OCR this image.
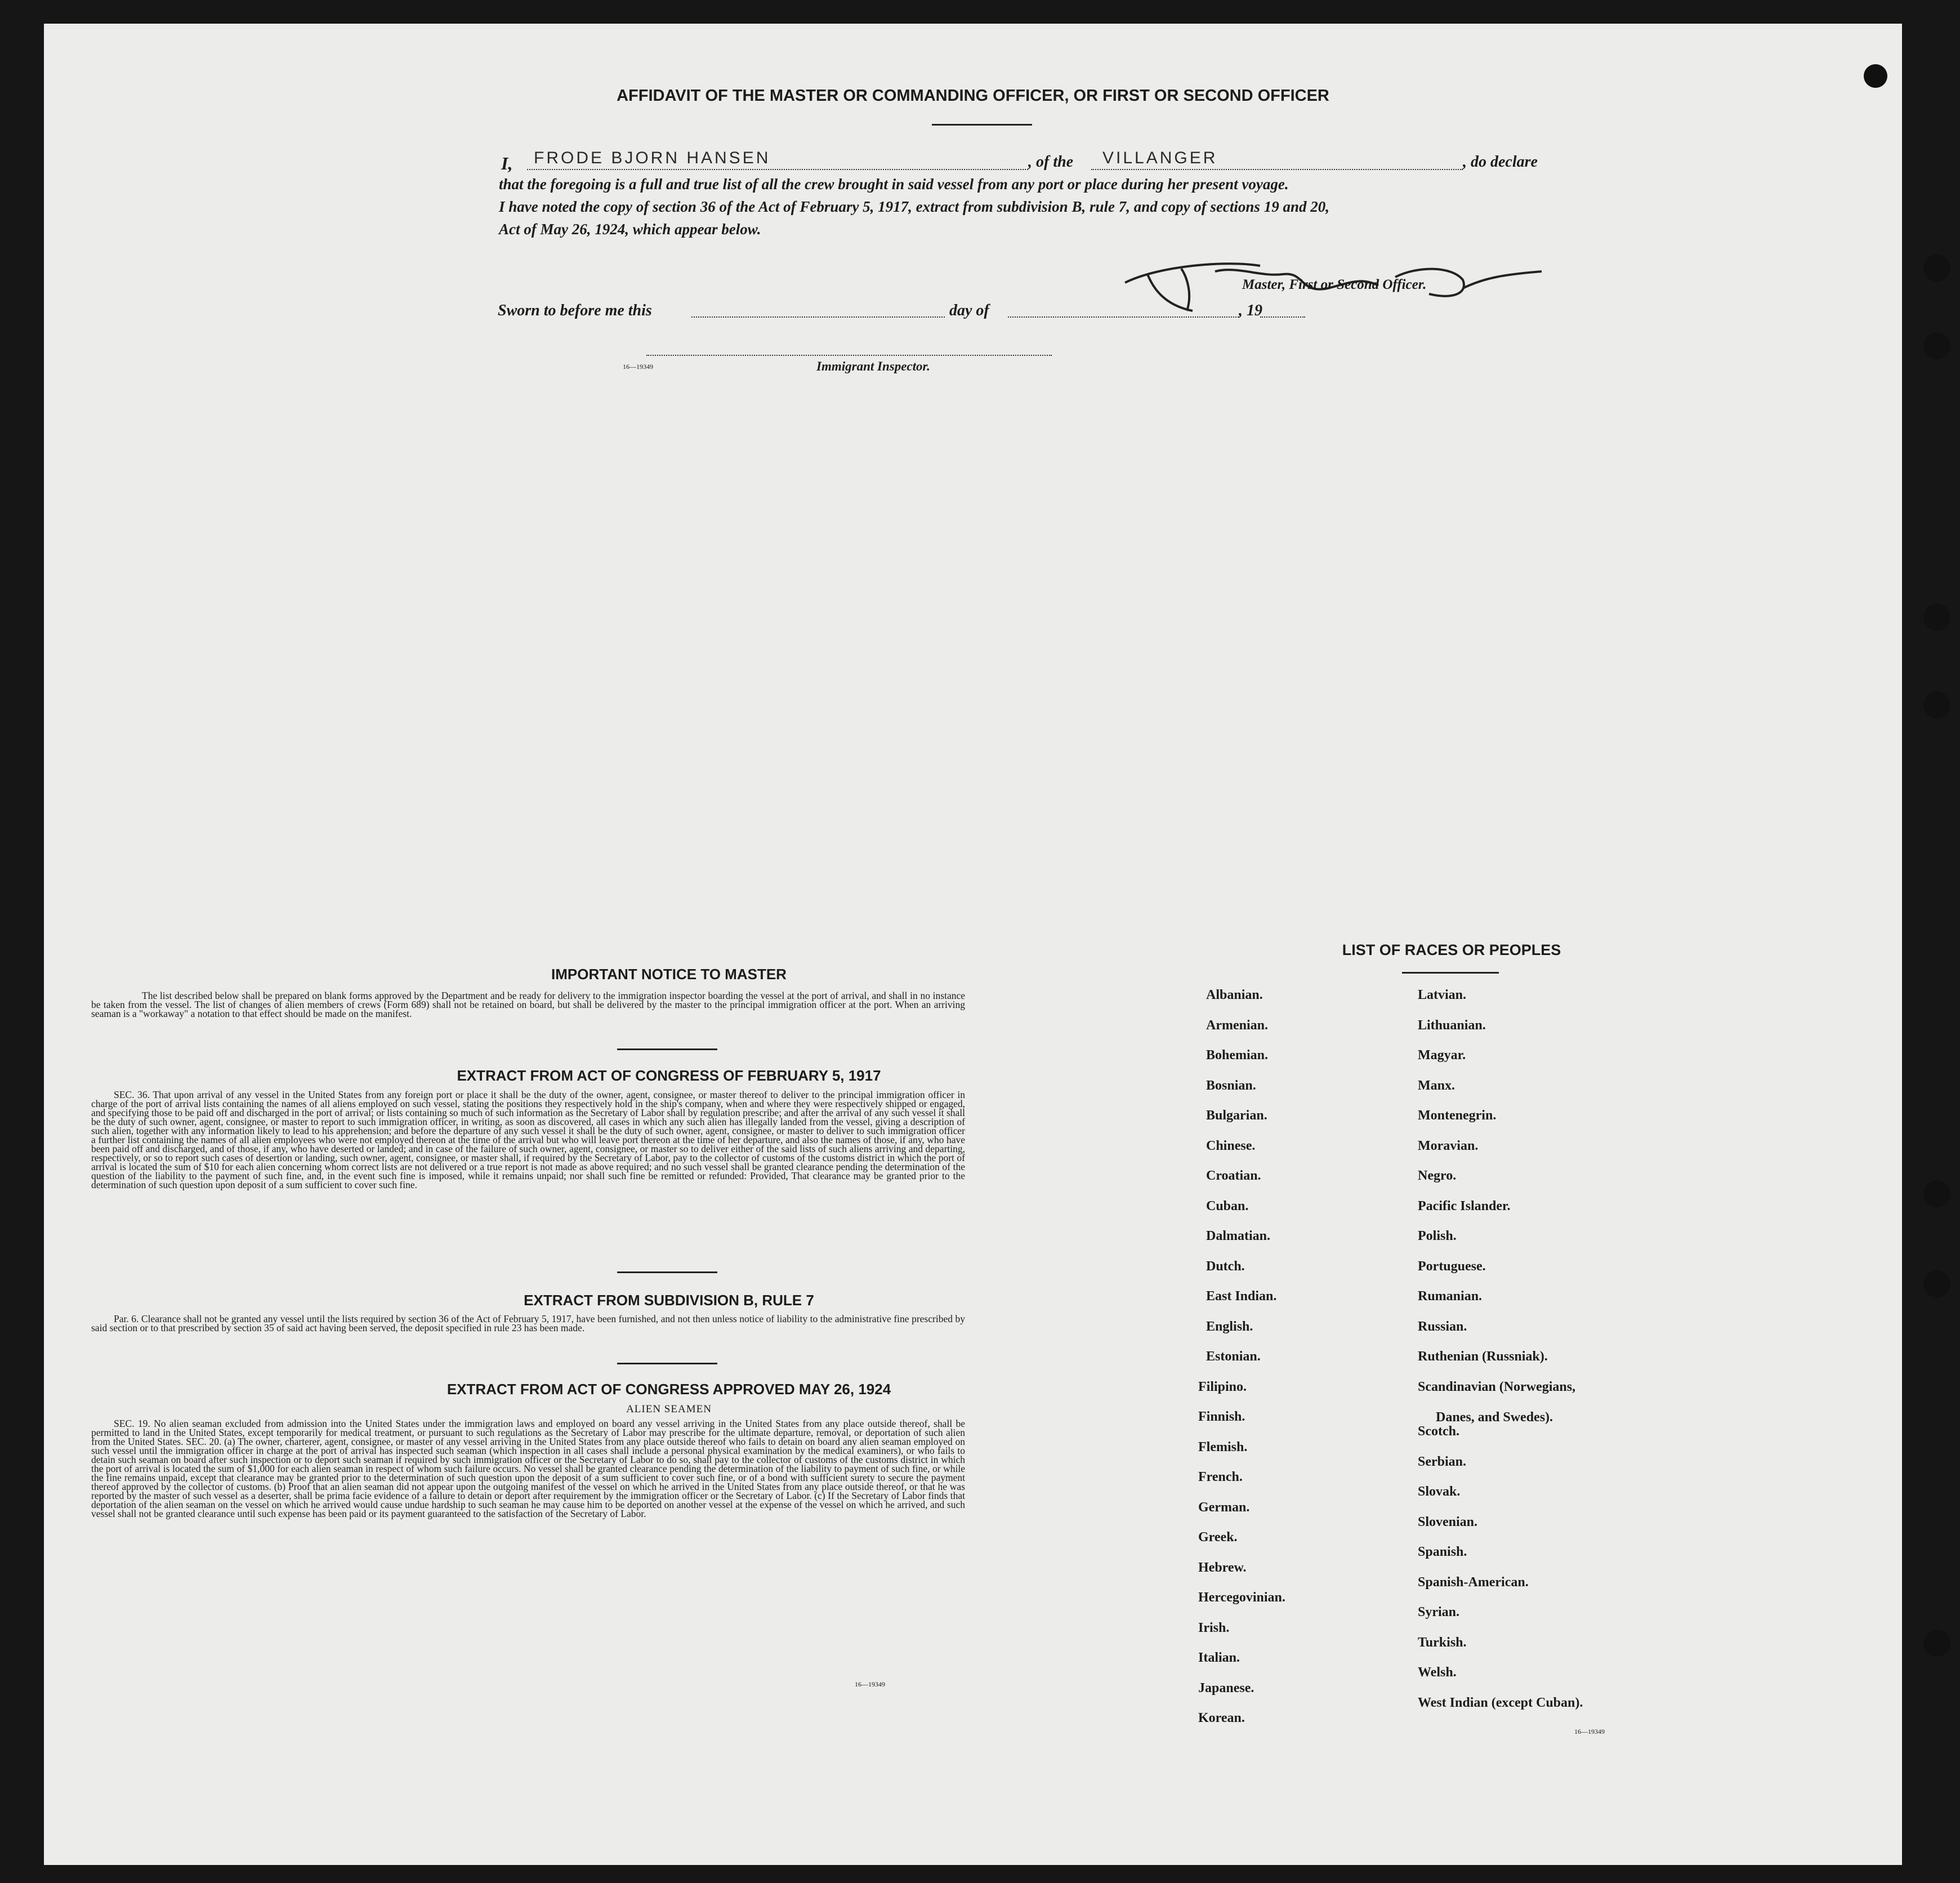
AFFIDAVIT OF THE MASTER OR COMMANDING OFFICER, OR FIRST OR SECOND OFFICER
I, FRODE BJORN HANSEN	, of the VILLANGER	, do declare
that the foregoing is a full and true list of all the crew brought in said vessel from any port or place during her present voyage.
I have noted the copy of section 36 of the Act of February 5, 1917, extract from subdivision B, rule 7, and copy of sections 19 and 20,
Act of May 26, 1924, which appear below.
Master, First or Second Officer.
Sworn to before me this	day of	, 19
16—19349	Immigrant Inspector.
IMPORTANT NOTICE TO MASTER
The list described below shall be prepared on blank forms approved by the Department and be ready for delivery to the immigration inspector boarding the vessel at the port of arrival, and shall in no instance be taken from the vessel. The list of changes of alien members of crews (Form 689) shall not be retained on board, but shall be delivered by the master to the principal immigration officer at the port. When an arriving seaman is a "workaway" a notation to that effect should be made on the manifest.
EXTRACT FROM ACT OF CONGRESS OF FEBRUARY 5, 1917
SEC. 36. That upon arrival of any vessel in the United States from any foreign port or place it shall be the duty of the owner, agent, consignee, or master thereof to deliver to the principal immigration officer in charge of the port of arrival lists containing the names of all aliens employed on such vessel, stating the positions they respectively hold in the ship's company, when and where they were respectively shipped or engaged, and specifying those to be paid off and discharged in the port of arrival; or lists containing so much of such information as the Secretary of Labor shall by regulation prescribe; and after the arrival of any such vessel it shall be the duty of such owner, agent, consignee, or master to report to such immigration officer, in writing, as soon as discovered, all cases in which any such alien has illegally landed from the vessel, giving a description of such alien, together with any information likely to lead to his apprehension; and before the departure of any such vessel it shall be the duty of such owner, agent, consignee, or master to deliver to such immigration officer a further list containing the names of all alien employees who were not employed thereon at the time of the arrival but who will leave port thereon at the time of her departure, and also the names of those, if any, who have been paid off and discharged, and of those, if any, who have deserted or landed; and in case of the failure of such owner, agent, consignee, or master so to deliver either of the said lists of such aliens arriving and departing, respectively, or so to report such cases of desertion or landing, such owner, agent, consignee, or master shall, if required by the Secretary of Labor, pay to the collector of customs of the customs district in which the port of arrival is located the sum of $10 for each alien concerning whom correct lists are not delivered or a true report is not made as above required; and no such vessel shall be granted clearance pending the determination of the question of the liability to the payment of such fine, and, in the event such fine is imposed, while it remains unpaid; nor shall such fine be remitted or refunded: Provided, That clearance may be granted prior to the determination of such question upon deposit of a sum sufficient to cover such fine.
EXTRACT FROM SUBDIVISION B, RULE 7
Par. 6. Clearance shall not be granted any vessel until the lists required by section 36 of the Act of February 5, 1917, have been furnished, and not then unless notice of liability to the administrative fine prescribed by said section or to that prescribed by section 35 of said act having been served, the deposit specified in rule 23 has been made.
EXTRACT FROM ACT OF CONGRESS APPROVED MAY 26, 1924
ALIEN SEAMEN
SEC. 19. No alien seaman excluded from admission into the United States under the immigration laws and employed on board any vessel arriving in the United States from any place outside thereof, shall be permitted to land in the United States, except temporarily for medical treatment, or pursuant to such regulations as the Secretary of Labor may prescribe for the ultimate departure, removal, or deportation of such alien from the United States. SEC. 20. (a) The owner, charterer, agent, consignee, or master of any vessel arriving in the United States from any place outside thereof who fails to detain on board any alien seaman employed on such vessel until the immigration officer in charge at the port of arrival has inspected such seaman (which inspection in all cases shall include a personal physical examination by the medical examiners), or who fails to detain such seaman on board after such inspection or to deport such seaman if required by such immigration officer or the Secretary of Labor to do so, shall pay to the collector of customs of the customs district in which the port of arrival is located the sum of $1,000 for each alien seaman in respect of whom such failure occurs. No vessel shall be granted clearance pending the determination of the liability to payment of such fine, or while the fine remains unpaid, except that clearance may be granted prior to the determination of such question upon the deposit of a sum sufficient to cover such fine, or of a bond with sufficient surety to secure the payment thereof approved by the collector of customs. (b) Proof that an alien seaman did not appear upon the outgoing manifest of the vessel on which he arrived in the United States from any place outside thereof, or that he was reported by the master of such vessel as a deserter, shall be prima facie evidence of a failure to detain or deport after requirement by the immigration officer or the Secretary of Labor. (c) If the Secretary of Labor finds that deportation of the alien seaman on the vessel on which he arrived would cause undue hardship to such seaman he may cause him to be deported on another vessel at the expense of the vessel on which he arrived, and such vessel shall not be granted clearance until such expense has been paid or its payment guaranteed to the satisfaction of the Secretary of Labor.
16—19349
LIST OF RACES OR PEOPLES
Albanian.
Armenian.
Bohemian.
Bosnian.
Bulgarian.
Chinese.
Croatian.
Cuban.
Dalmatian.
Dutch.
East Indian.
English.
Estonian.
Filipino.
Finnish.
Flemish.
French.
German.
Greek.
Hebrew.
Hercegovinian.
Irish.
Italian.
Japanese.
Korean.
Latvian.
Lithuanian.
Magyar.
Manx.
Montenegrin.
Moravian.
Negro.
Pacific Islander.
Polish.
Portuguese.
Rumanian.
Russian.
Ruthenian (Russniak).
Scandinavian (Norwegians,
Danes, and Swedes).
Scotch.
Serbian.
Slovak.
Slovenian.
Spanish.
Spanish-American.
Syrian.
Turkish.
Welsh.
West Indian (except Cuban).
16—19349
